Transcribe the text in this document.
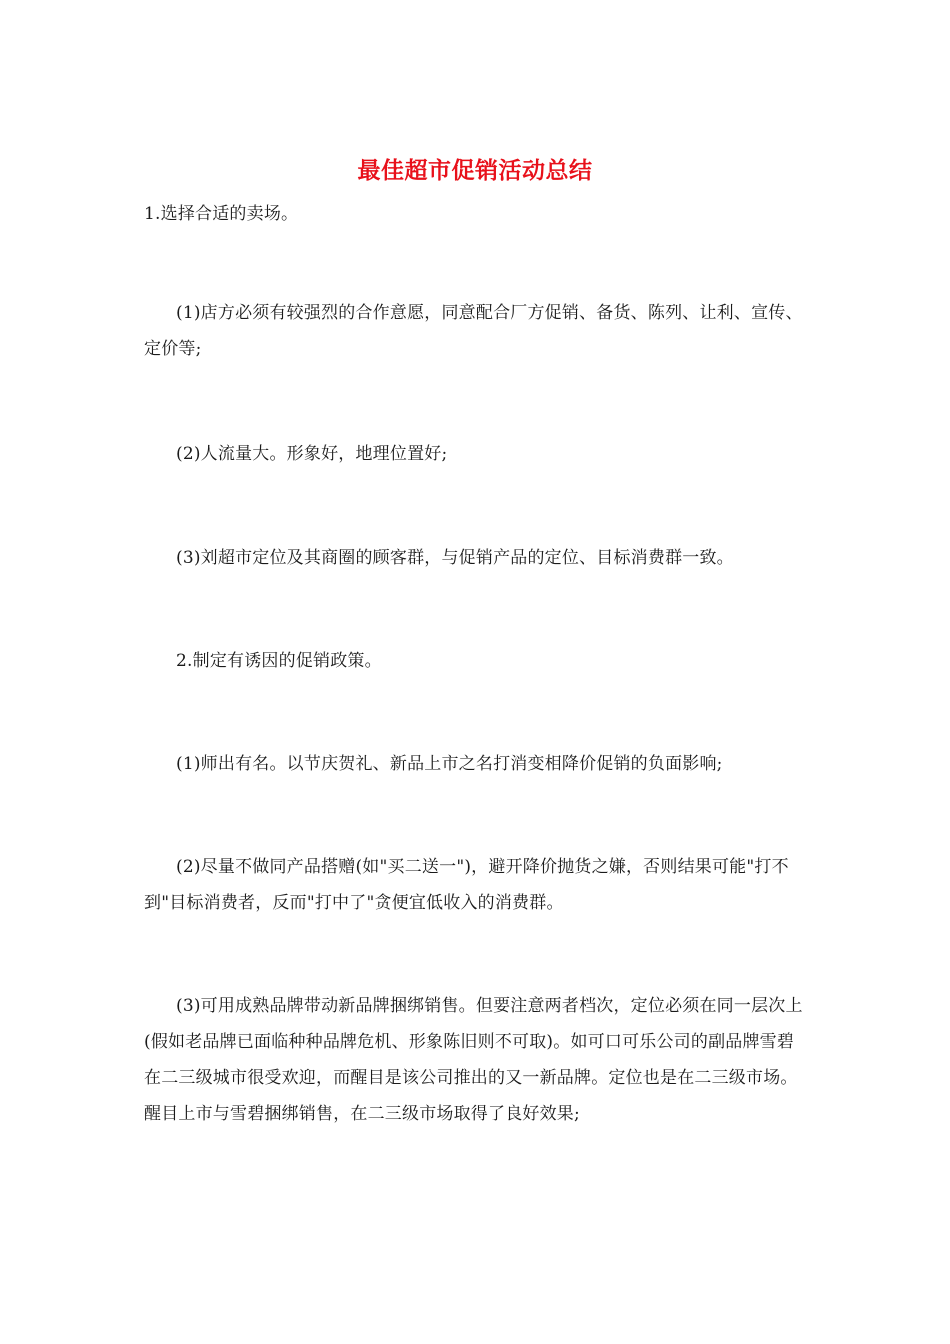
最佳超市促销活动总结
1.选择合适的卖场。
(1)店方必须有较强烈的合作意愿，同意配合厂方促销、备货、陈列、让利、宣传、定价等;
(2)人流量大。形象好，地理位置好;
(3)刘超市定位及其商圈的顾客群，与促销产品的定位、目标消费群一致。
2.制定有诱因的促销政策。
(1)师出有名。以节庆贺礼、新品上市之名打消变相降价促销的负面影响;
(2)尽量不做同产品搭赠(如"买二送一")，避开降价抛货之嫌，否则结果可能"打不到"目标消费者，反而"打中了"贪便宜低收入的消费群。
(3)可用成熟品牌带动新品牌捆绑销售。但要注意两者档次，定位必须在同一层次上(假如老品牌已面临种种品牌危机、形象陈旧则不可取)。如可口可乐公司的副品牌雪碧在二三级城市很受欢迎，而醒目是该公司推出的又一新品牌。定位也是在二三级市场。醒目上市与雪碧捆绑销售，在二三级市场取得了良好效果;
